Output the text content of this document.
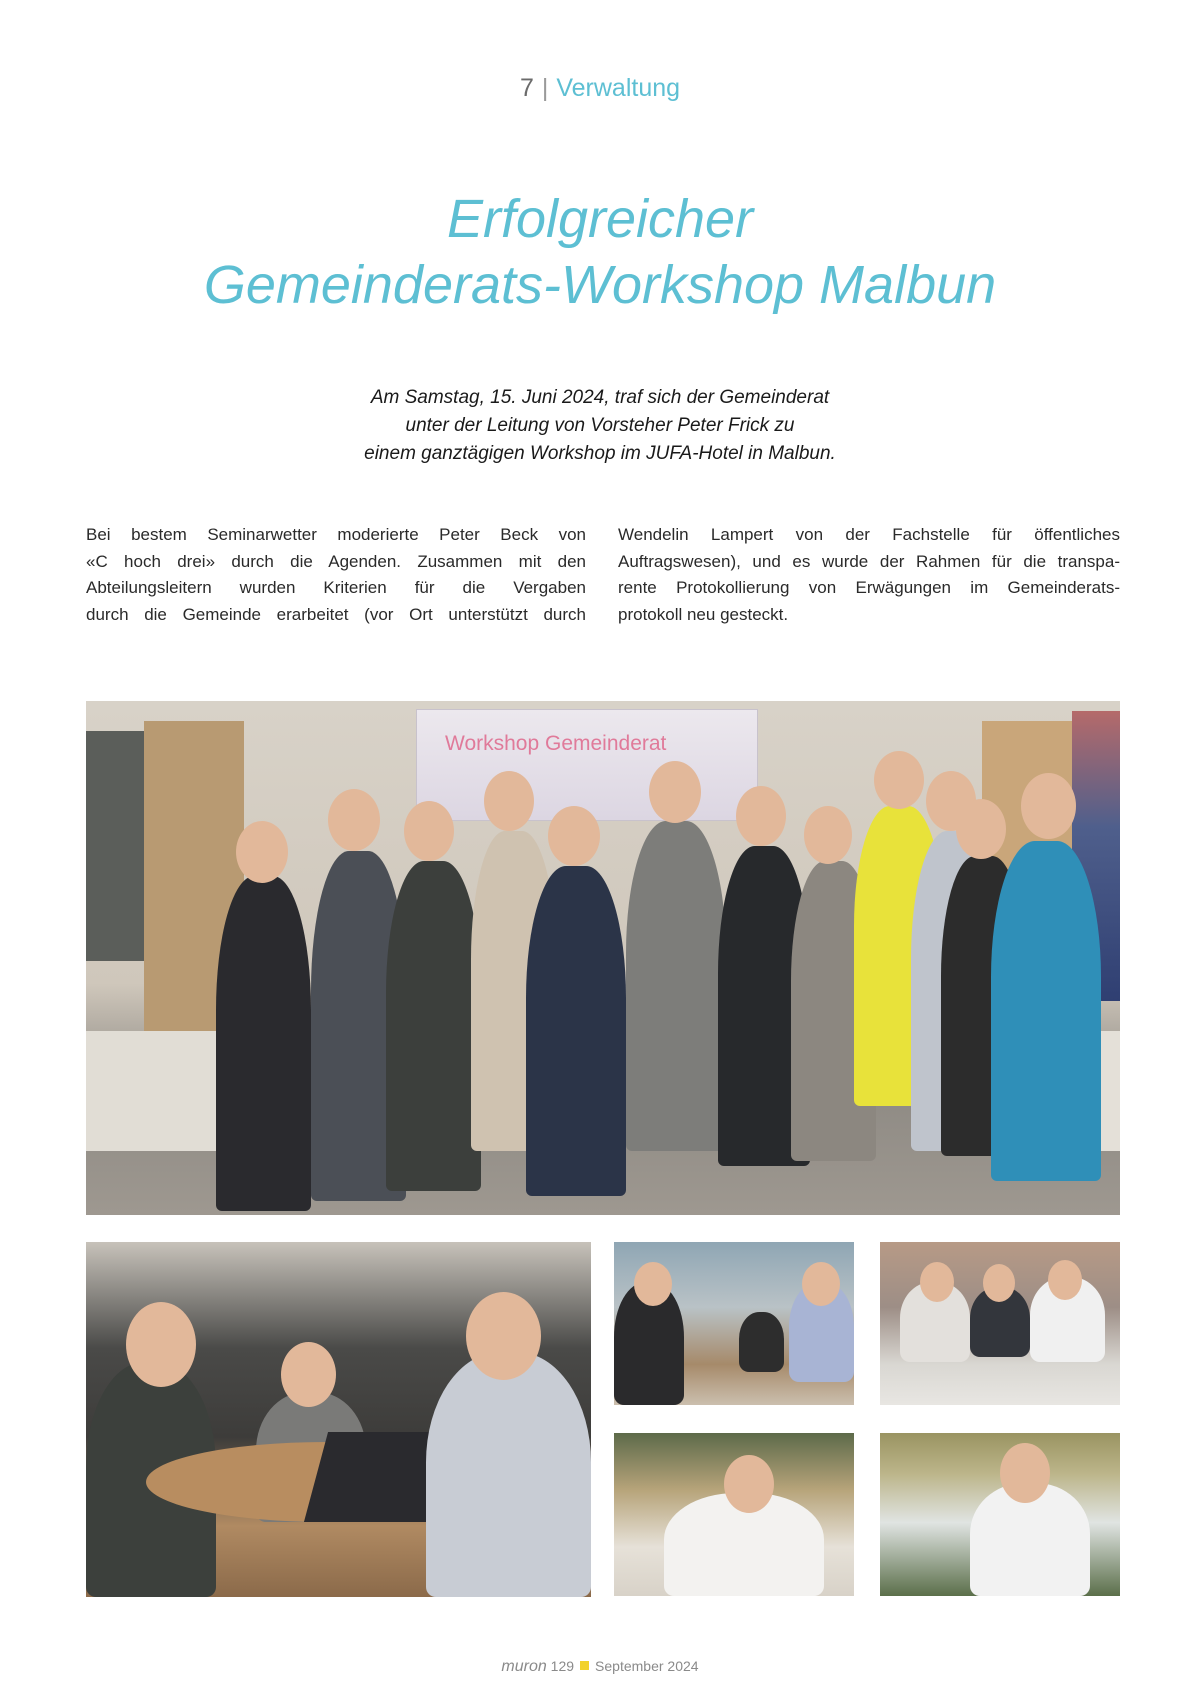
7 | Verwaltung
Erfolgreicher
Gemeinderats-Workshop Malbun
Am Samstag, 15. Juni 2024, traf sich der Gemeinderat
unter der Leitung von Vorsteher Peter Frick zu
einem ganztägigen Workshop im JUFA-Hotel in Malbun.
Bei bestem Seminarwetter moderierte Peter Beck von
«C hoch drei» durch die Agenden. Zusammen mit den
Abteilungsleitern wurden Kriterien für die Vergaben
durch die Gemeinde erarbeitet (vor Ort unterstützt durch
Wendelin Lampert von der Fachstelle für öffentliches
Auftragswesen), und es wurde der Rahmen für die transpa-
rente Protokollierung von Erwägungen im Gemeinderats-
protokoll neu gesteckt.
Workshop Gemeinderat
muron 129 September 2024
